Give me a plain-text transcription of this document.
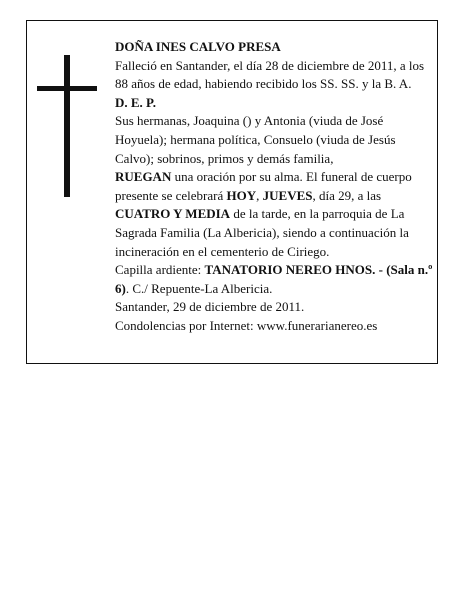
DOÑA INES CALVO PRESA

Falleció en Santander, el día 28 de diciembre de 2011, a los 88 años de edad, habiendo recibido los SS. SS. y la B. A.

D. E. P.

Sus hermanas, Joaquina () y Antonia (viuda de José Hoyuela); hermana política, Consuelo (viuda de Jesús Calvo); sobrinos, primos y demás familia,

RUEGAN una oración por su alma. El funeral de cuerpo presente se celebrará HOY, JUEVES, día 29, a las CUATRO Y MEDIA de la tarde, en la parroquia de La Sagrada Familia (La Albericia), siendo a continuación la incineración en el cementerio de Ciriego.

Capilla ardiente: TANATORIO NEREO HNOS. - (Sala n.º 6). C./ Repuente-La Albericia.

Santander, 29 de diciembre de 2011.

Condolencias por Internet: www.funerarianereo.es
